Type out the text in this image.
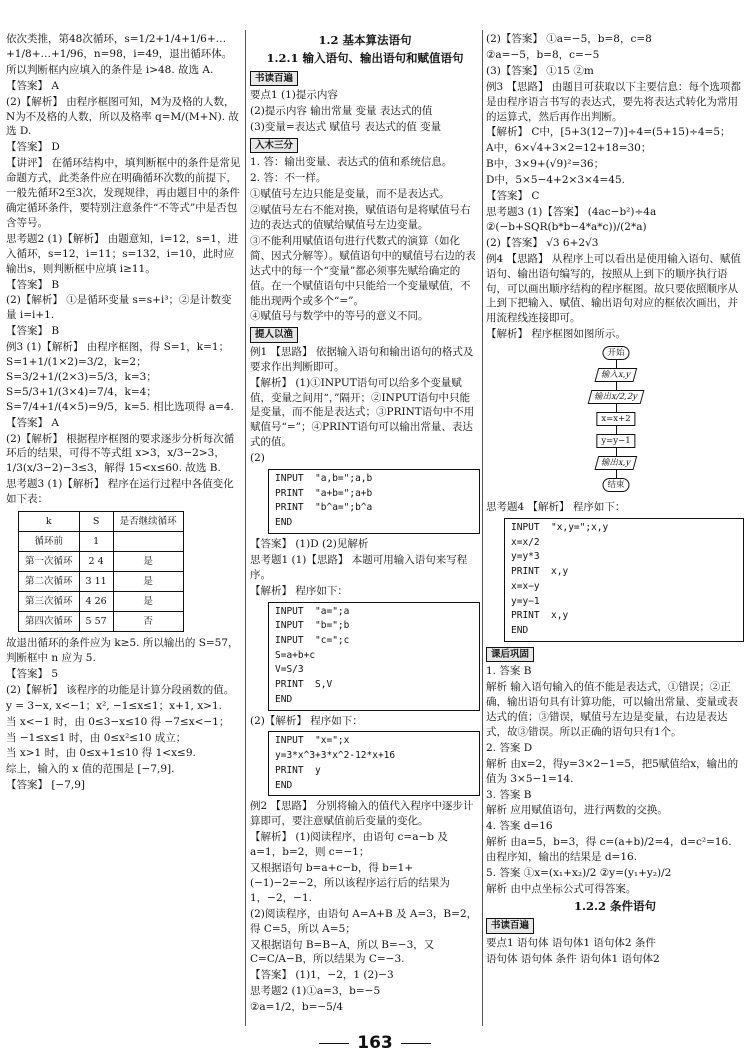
依次类推，第48次循环，s=1/2+1/4+1/6+…+1/8+…+1/96，n=98，i=49，退出循环体。

所以判断框内应填入的条件是 i>48. 故选 A.

【答案】 A

(2)【解析】 由程序框图可知，M为及格的人数，N为不及格的人数，所以及格率 q=M/(M+N). 故选 D.

【答案】 D

【讲评】 在循环结构中，填判断框中的条件是常见命题方式，此类条件应在明确循环次数的前提下，一般先循环2至3次，发现规律，再由题目中的条件确定循环条件，要特别注意条件“不等式”中是否包含等号。

思考题2 (1)【解析】 由题意知，i=12，s=1，进入循环，s=12，i=11；s=132，i=10，此时应输出s，则判断框中应填 i≥11。

【答案】 B

(2)【解析】 ①是循环变量 s=s+i³；②是计数变量 i=i+1.

【答案】 B

例3 (1)【解析】 由程序框图，得 S=1，k=1；S=1+1/(1×2)=3/2，k=2；S=3/2+1/(2×3)=5/3，k=3；S=5/3+1/(3×4)=7/4，k=4；S=7/4+1/(4×5)=9/5，k=5. 相比选项得 a=4.

【答案】 A

(2)【解析】 根据程序框图的要求逐步分析每次循环后的结果，可得不等式组 x>3，x/3−2>3，1/3(x/3−2)−3≤3，解得 15<x≤60. 故选 B.

思考题3 (1)【解析】 程序在运行过程中各值变化如下表：

k	S	是否继续循环
循环前	1	
第一次循环	2 4	是
第二次循环	3 11	是
第三次循环	4 26	是
第四次循环	5 57	否

故退出循环的条件应为 k≥5. 所以输出的 S=57，判断框中 n 应为 5.

【答案】 5

(2)【解析】 该程序的功能是计算分段函数的值。

y = 3−x, x<−1；x², −1≤x≤1；x+1, x>1.

当 x<−1 时，由 0≤3−x≤10 得 −7≤x<−1；

当 −1≤x≤1 时，由 0≤x²≤10 成立；

当 x>1 时，由 0≤x+1≤10 得 1<x≤9.

综上，输入的 x 值的范围是 [−7,9].

【答案】 [−7,9]

1.2 基本算法语句

1.2.1 输入语句、输出语句和赋值语句

书读百遍

要点1 (1)提示内容

(2)提示内容 输出常量 变量 表达式的值

(3)变量=表达式 赋值号 表达式的值 变量

入木三分

1. 答：输出变量、表达式的值和系统信息。

2. 答：不一样。

①赋值号左边只能是变量，而不是表达式。

②赋值号左右不能对换，赋值语句是将赋值号右边的表达式的值赋给赋值号左边变量。

③不能利用赋值语句进行代数式的演算（如化简、因式分解等）。赋值语句中的赋值号右边的表达式中的每一个“变量”都必须事先赋给确定的值。在一个赋值语句中只能给一个变量赋值，不能出现两个或多个“=”。

④赋值号与数学中的等号的意义不同。

提人以渔

例1 【思路】 依据输入语句和输出语句的格式及要求作出判断即可。

【解析】 (1)①INPUT语句可以给多个变量赋值，变量之间用“，”隔开；②INPUT语句中只能是变量，而不能是表达式；③PRINT语句中不用赋值号“=”；④PRINT语句可以输出常量、表达式的值。

(2)

INPUT  "a,b=";a,b
PRINT  "a+b=";a+b
PRINT  "b^a=";b^a
END

【答案】 (1)D (2)见解析

思考题1 (1)【思路】 本题可用输入语句来写程序。

【解析】 程序如下：

INPUT  "a=";a
INPUT  "b=";b
INPUT  "c=";c
S=a+b+c
V=S/3
PRINT  S,V
END

(2)【解析】 程序如下：

INPUT  "x=";x
y=3*x^3+3*x^2-12*x+16
PRINT  y
END

例2 【思路】 分别将输入的值代入程序中逐步计算即可，要注意赋值前后变量的变化。

【解析】 (1)阅读程序，由语句 c=a−b 及 a=1，b=2，则 c=−1；

又根据语句 b=a+c−b，得 b=1+(−1)−2=−2，所以该程序运行后的结果为 1，−2，−1.

(2)阅读程序，由语句 A=A+B 及 A=3，B=2，得 C=5，所以 A=5；

又根据语句 B=B−A，所以 B=−3，又 C=C/A−B，所以结果为 C=−3.

【答案】 (1)1，−2，1 (2)−3

思考题2 (1)①a=3，b=−5

②a=1/2，b=−5/4

(2)【答案】 ①a=−5，b=8，c=8

②a=−5，b=8，c=−5

(3)【答案】 ①15 ②m

例3 【思路】 由题目可获取以下主要信息：每个选项都是由程序语言书写的表达式，要先将表达式转化为常用的运算式，然后再作出判断。

【解析】 C中，[5+3(12−7)]÷4=(5+15)÷4=5；

A中，6×√4+3×2=12+18=30；

B中，3×9+(√9)²=36；

D中，5×5−4+2×3×4=45.

【答案】 C

思考题3 (1)【答案】 (4ac−b²)÷4a ②(−b+SQR(b*b−4*a*c))/(2*a)

(2)【答案】 √3 6+2√3

例4 【思路】 从程序上可以看出是使用输入语句、赋值语句、输出语句编写的，按照从上到下的顺序执行语句，可以画出顺序结构的程序框图。故只要依照顺序从上到下把输入、赋值、输出语句对应的框依次画出，并用流程线连接即可。

【解析】 程序框图如图所示。

开始
输入x,y
输出x/2,2y
x=x+2
y=y−1
输出x,y
结束

思考题4 【解析】 程序如下：

INPUT  "x,y=";x,y
x=x/2
y=y*3
PRINT  x,y
x=x−y
y=y−1
PRINT  x,y
END
课后巩固

1. 答案 B

解析 输入语句输入的值不能是表达式，①错误；②正确，输出语句具有计算功能，可以输出常量、变量或表达式的值；③错误，赋值号左边是变量，右边是表达式，故③错误。所以正确的语句只有1个。

2. 答案 D

解析 由x=2，得y=3×2−1=5，把5赋值给x，输出的值为 3×5−1=14.

3. 答案 B

解析 应用赋值语句，进行两数的交换。

4. 答案 d=16

解析 由a=5，b=3，得 c=(a+b)/2=4，d=c²=16. 由程序知，输出的结果是 d=16.

5. 答案 ①x=(x₁+x₂)/2 ②y=(y₁+y₂)/2

解析 由中点坐标公式可得答案。

1.2.2 条件语句

书读百遍

要点1 语句体 语句体1 语句体2 条件

语句体 语句体 条件 语句体1 语句体2

163
